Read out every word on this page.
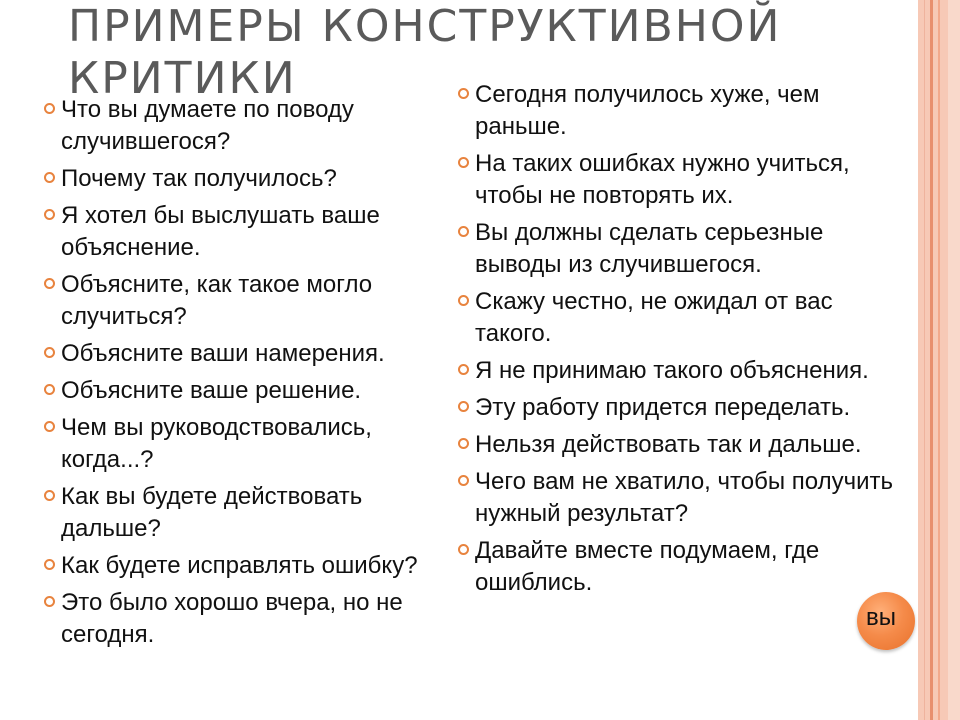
ПРИМЕРЫ КОНСТРУКТИВНОЙ
КРИТИКИ
Что вы думаете по поводу случившегося?
Почему так получилось?
Я хотел бы выслушать ваше объяснение.
Объясните, как такое могло случиться?
Объясните ваши намерения.
Объясните ваше решение.
Чем вы руководствовались, когда...?
Как вы будете действовать дальше?
Как будете исправлять ошибку?
Это было хорошо вчера, но не сегодня.
Сегодня получилось хуже, чем раньше.
На таких ошибках нужно учиться, чтобы не повторять их.
Вы должны сделать серьезные выводы из случившегося.
Скажу честно, не ожидал от вас такого.
Я не принимаю такого объяснения.
Эту работу придется переделать.
Нельзя действовать так и дальше.
Чего вам не хватило, чтобы получить нужный результат?
Давайте вместе подумаем, где
ошиблись.
вы
